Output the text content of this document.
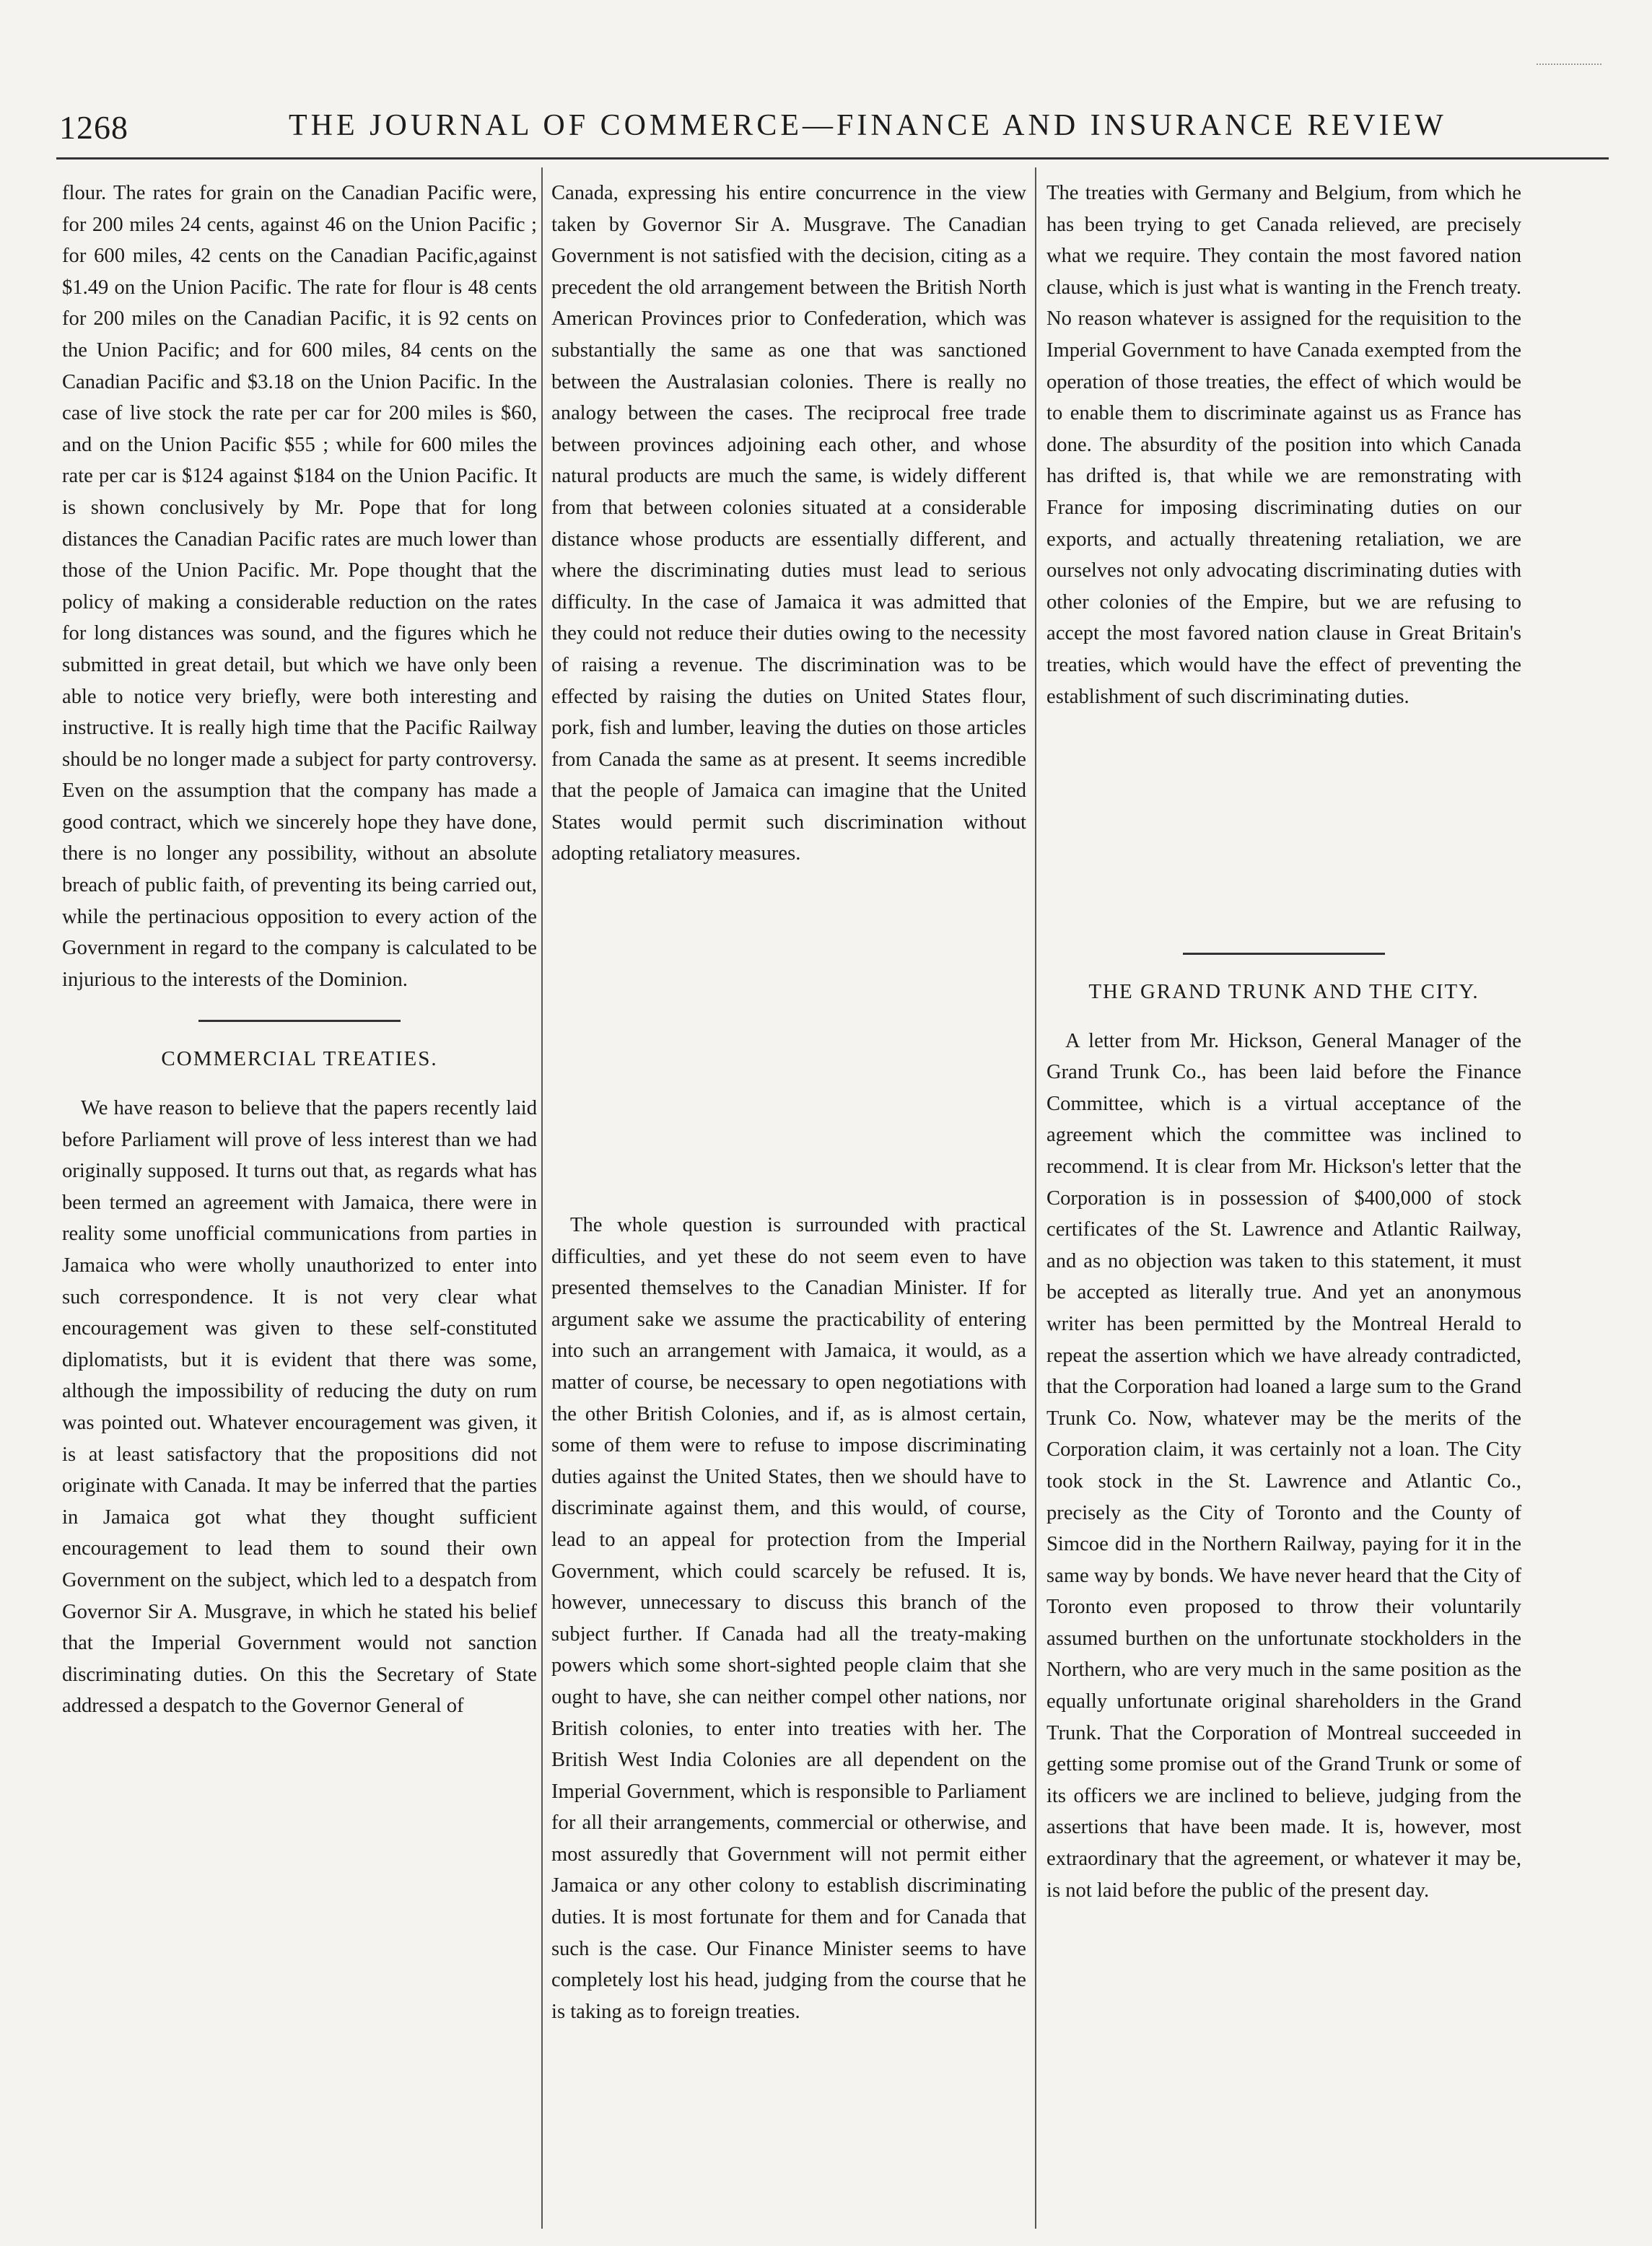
1268	THE JOURNAL OF COMMERCE—FINANCE AND INSURANCE REVIEW

flour. The rates for grain on the Canadian Pacific were, for 200 miles 24 cents, against 46 on the Union Pacific ; for 600 miles, 42 cents on the Canadian Pacific,against $1.49 on the Union Pacific. The rate for flour is 48 cents for 200 miles on the Canadian Pacific, it is 92 cents on the Union Pacific; and for 600 miles, 84 cents on the Canadian Pacific and $3.18 on the Union Pacific. In the case of live stock the rate per car for 200 miles is $60, and on the Union Pacific $55 ; while for 600 miles the rate per car is $124 against $184 on the Union Pacific. It is shown conclusively by Mr. Pope that for long distances the Canadian Pacific rates are much lower than those of the Union Pacific. Mr. Pope thought that the policy of making a considerable reduction on the rates for long distances was sound, and the figures which he submitted in great detail, but which we have only been able to notice very briefly, were both interesting and instructive. It is really high time that the Pacific Railway should be no longer made a subject for party controversy. Even on the assumption that the company has made a good contract, which we sincerely hope they have done, there is no longer any possibility, without an absolute breach of public faith, of preventing its being carried out, while the pertinacious opposition to every action of the Government in regard to the company is calculated to be injurious to the interests of the Dominion.

COMMERCIAL TREATIES.

We have reason to believe that the papers recently laid before Parliament will prove of less interest than we had originally supposed. It turns out that, as regards what has been termed an agreement with Jamaica, there were in reality some unofficial communications from parties in Jamaica who were wholly unauthorized to enter into such correspondence. It is not very clear what encouragement was given to these self-constituted diplomatists, but it is evident that there was some, although the impossibility of reducing the duty on rum was pointed out. Whatever encouragement was given, it is at least satisfactory that the propositions did not originate with Canada. It may be inferred that the parties in Jamaica got what they thought sufficient encouragement to lead them to sound their own Government on the subject, which led to a despatch from Governor Sir A. Musgrave, in which he stated his belief that the Imperial Government would not sanction discriminating duties. On this the Secretary of State addressed a despatch to the Governor General of

Canada, expressing his entire concurrence in the view taken by Governor Sir A. Musgrave. The Canadian Government is not satisfied with the decision, citing as a precedent the old arrangement between the British North American Provinces prior to Confederation, which was substantially the same as one that was sanctioned between the Australasian colonies. There is really no analogy between the cases. The reciprocal free trade between provinces adjoining each other, and whose natural products are much the same, is widely different from that between colonies situated at a considerable distance whose products are essentially different, and where the discriminating duties must lead to serious difficulty. In the case of Jamaica it was admitted that they could not reduce their duties owing to the necessity of raising a revenue. The discrimination was to be effected by raising the duties on United States flour, pork, fish and lumber, leaving the duties on those articles from Canada the same as at present. It seems incredible that the people of Jamaica can imagine that the United States would permit such discrimination without adopting retaliatory measures.

The whole question is surrounded with practical difficulties, and yet these do not seem even to have presented themselves to the Canadian Minister. If for argument sake we assume the practicability of entering into such an arrangement with Jamaica, it would, as a matter of course, be necessary to open negotiations with the other British Colonies, and if, as is almost certain, some of them were to refuse to impose discriminating duties against the United States, then we should have to discriminate against them, and this would, of course, lead to an appeal for protection from the Imperial Government, which could scarcely be refused. It is, however, unnecessary to discuss this branch of the subject further. If Canada had all the treaty-making powers which some short-sighted people claim that she ought to have, she can neither compel other nations, nor British colonies, to enter into treaties with her. The British West India Colonies are all dependent on the Imperial Government, which is responsible to Parliament for all their arrangements, commercial or otherwise, and most assuredly that Government will not permit either Jamaica or any other colony to establish discriminating duties. It is most fortunate for them and for Canada that such is the case. Our Finance Minister seems to have completely lost his head, judging from the course that he is taking as to foreign treaties.

The treaties with Germany and Belgium, from which he has been trying to get Canada relieved, are precisely what we require. They contain the most favored nation clause, which is just what is wanting in the French treaty. No reason whatever is assigned for the requisition to the Imperial Government to have Canada exempted from the operation of those treaties, the effect of which would be to enable them to discriminate against us as France has done. The absurdity of the position into which Canada has drifted is, that while we are remonstrating with France for imposing discriminating duties on our exports, and actually threatening retaliation, we are ourselves not only advocating discriminating duties with other colonies of the Empire, but we are refusing to accept the most favored nation clause in Great Britain's treaties, which would have the effect of preventing the establishment of such discriminating duties.

THE GRAND TRUNK AND THE CITY.

A letter from Mr. Hickson, General Manager of the Grand Trunk Co., has been laid before the Finance Committee, which is a virtual acceptance of the agreement which the committee was inclined to recommend. It is clear from Mr. Hickson's letter that the Corporation is in possession of $400,000 of stock certificates of the St. Lawrence and Atlantic Railway, and as no objection was taken to this statement, it must be accepted as literally true. And yet an anonymous writer has been permitted by the Montreal Herald to repeat the assertion which we have already contradicted, that the Corporation had loaned a large sum to the Grand Trunk Co. Now, whatever may be the merits of the Corporation claim, it was certainly not a loan. The City took stock in the St. Lawrence and Atlantic Co., precisely as the City of Toronto and the County of Simcoe did in the Northern Railway, paying for it in the same way by bonds. We have never heard that the City of Toronto even proposed to throw their voluntarily assumed burthen on the unfortunate stockholders in the Northern, who are very much in the same position as the equally unfortunate original shareholders in the Grand Trunk. That the Corporation of Montreal succeeded in getting some promise out of the Grand Trunk or some of its officers we are inclined to believe, judging from the assertions that have been made. It is, however, most extraordinary that the agreement, or whatever it may be, is not laid before the public of the present day.
